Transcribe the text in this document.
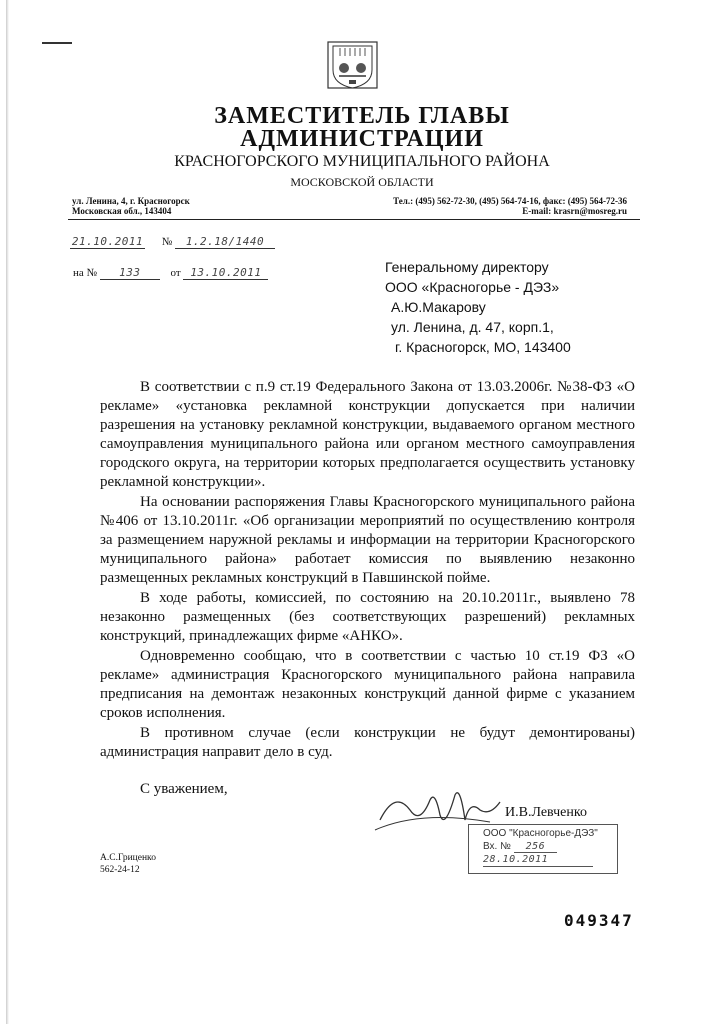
ЗАМЕСТИТЕЛЬ ГЛАВЫ
АДМИНИСТРАЦИИ
КРАСНОГОРСКОГО МУНИЦИПАЛЬНОГО РАЙОНА
МОСКОВСКОЙ ОБЛАСТИ
ул. Ленина, 4, г. Красногорск
Московская обл., 143404
Тел.: (495) 562-72-30, (495) 564-74-16, факс: (495) 564-72-36
E-mail: krasrn@mosreg.ru
21.10.2011 № 1.2.18/1440
на № 133	от 13.10.2011	Генеральному директору
ООО «Красногорье - ДЭЗ»
А.Ю.Макарову
ул. Ленина, д. 47, корп.1,
г. Красногорск, МО, 143400

В соответствии с п.9 ст.19 Федерального Закона от 13.03.2006г. №38-ФЗ «О рекламе» «установка рекламной конструкции допускается при наличии разрешения на установку рекламной конструкции, выдаваемого органом местного самоуправления муниципального района или органом местного самоуправления городского округа, на территории которых предполагается осуществить установку рекламной конструкции».

На основании распоряжения Главы Красногорского муниципального района №406 от 13.10.2011г. «Об организации мероприятий по осуществлению контроля за размещением наружной рекламы и информации на территории Красногорского муниципального района» работает комиссия по выявлению незаконно размещенных рекламных конструкций в Павшинской пойме.

В ходе работы, комиссией, по состоянию на 20.10.2011г., выявлено 78 незаконно размещенных (без соответствующих разрешений) рекламных конструкций, принадлежащих фирме «АНКО».

Одновременно сообщаю, что в соответствии с частью 10 ст.19 ФЗ «О рекламе» администрация Красногорского муниципального района направила предписания на демонтаж незаконных конструкций данной фирме с указанием сроков исполнения.

В противном случае (если конструкции не будут демонтированы) администрация направит дело в суд.

С уважением,
И.В.Левченко
ООО "Красногорье-ДЭЗ"
Вх. № 256
28.10.2011
А.С.Гриценко
562-24-12
049347
